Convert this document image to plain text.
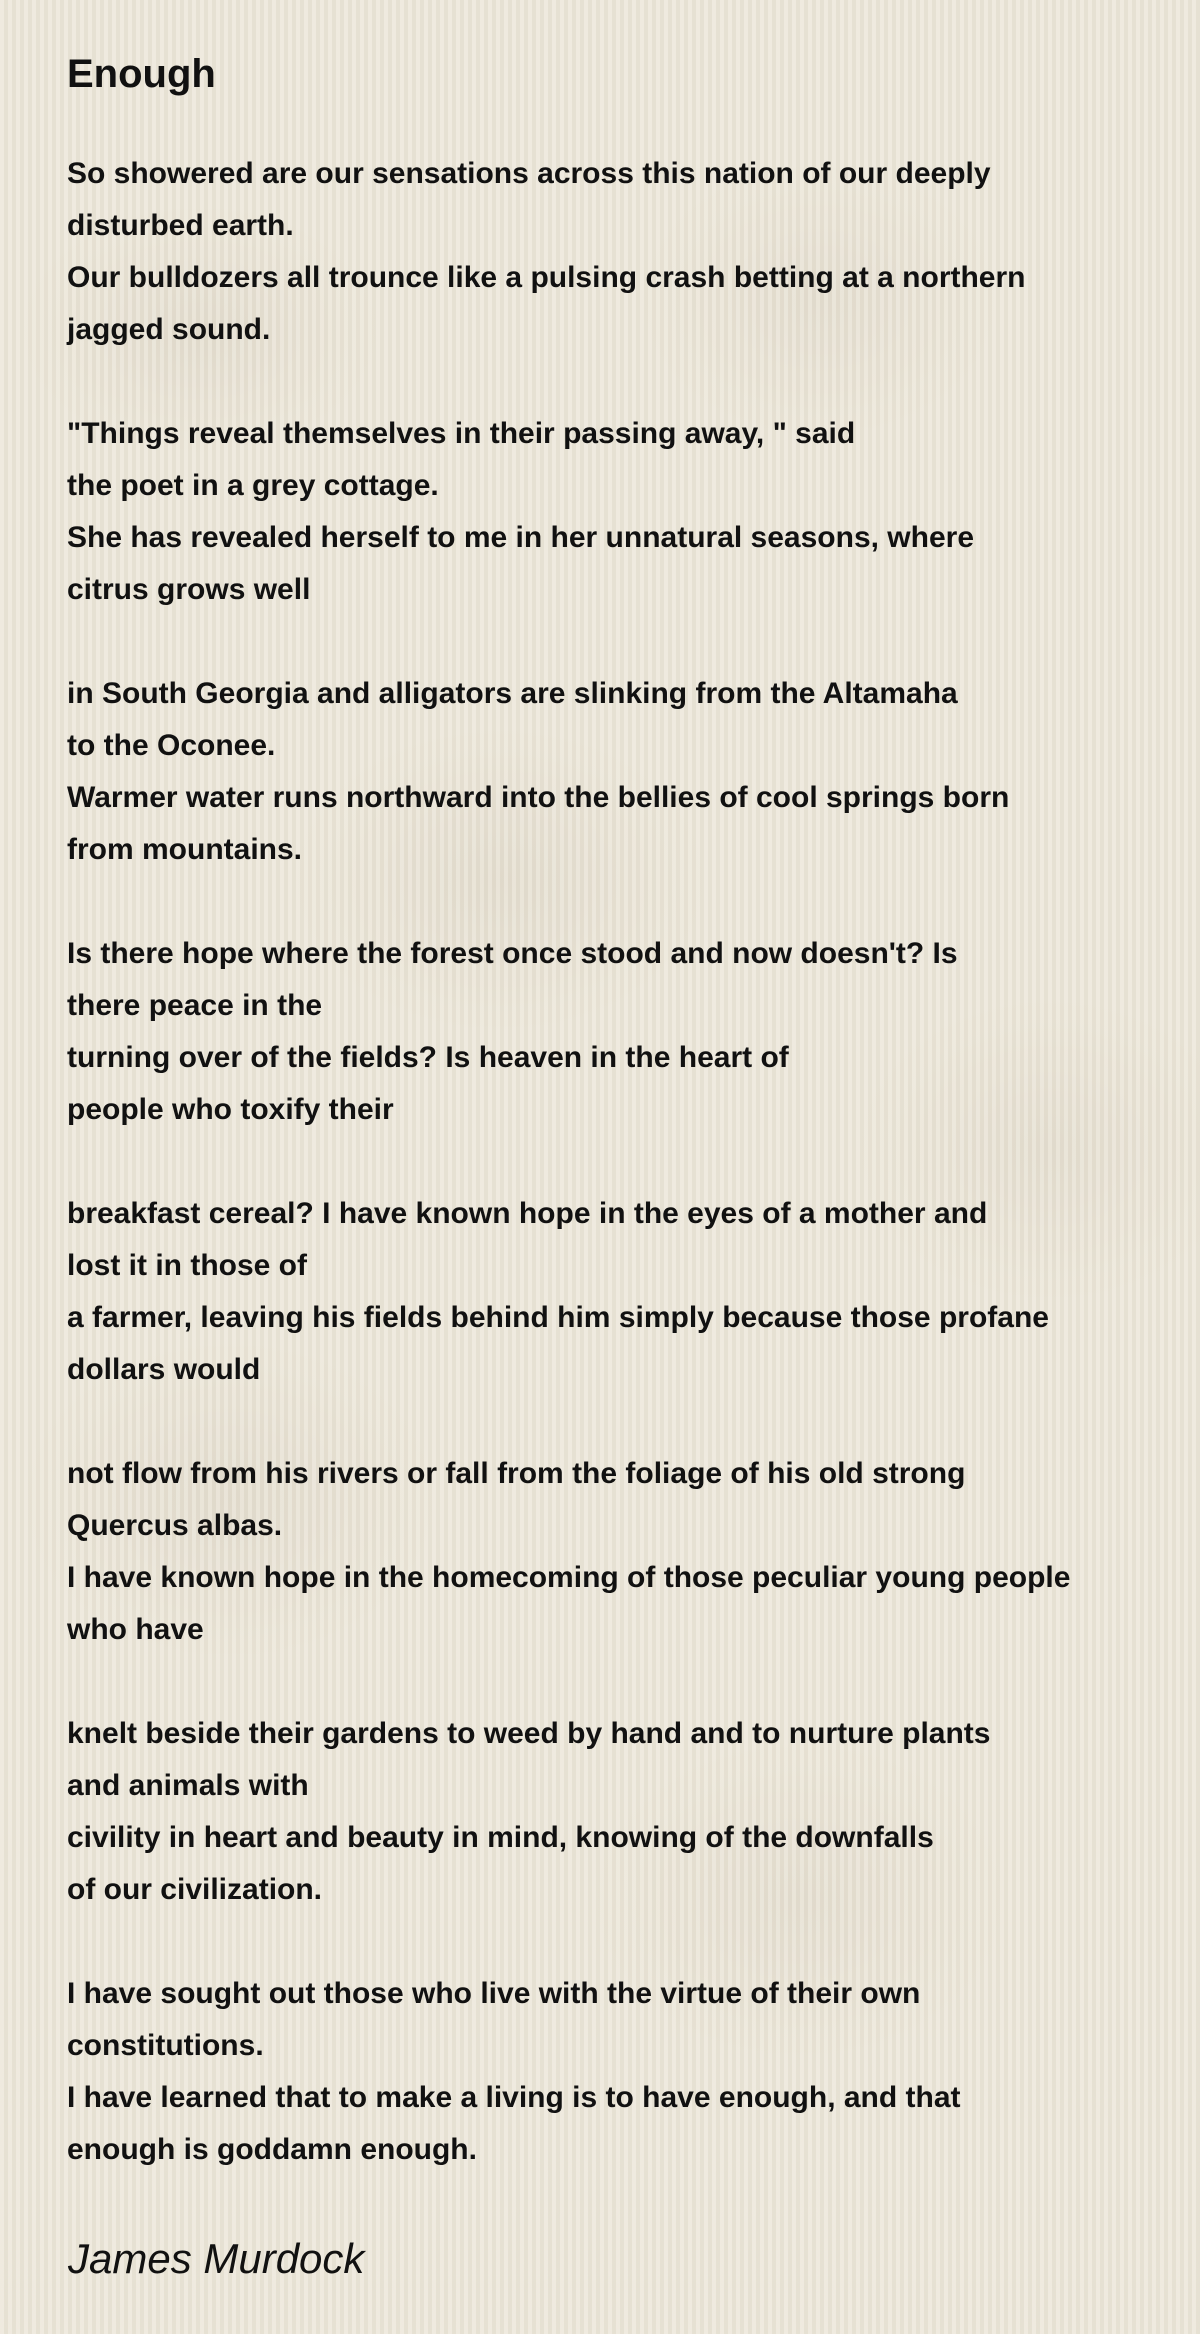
Enough
So showered are our sensations across this nation of our deeply
disturbed earth.
Our bulldozers all trounce like a pulsing crash betting at a northern
jagged sound.
"Things reveal themselves in their passing away, " said
the poet in a grey cottage.
She has revealed herself to me in her unnatural seasons, where
citrus grows well
in South Georgia and alligators are slinking from the Altamaha
to the Oconee.
Warmer water runs northward into the bellies of cool springs born
from mountains.
Is there hope where the forest once stood and now doesn't? Is
there peace in the
turning over of the fields? Is heaven in the heart of
people who toxify their
breakfast cereal? I have known hope in the eyes of a mother and
lost it in those of
a farmer, leaving his fields behind him simply because those profane
dollars would
not flow from his rivers or fall from the foliage of his old strong
Quercus albas.
I have known hope in the homecoming of those peculiar young people
who have
knelt beside their gardens to weed by hand and to nurture plants
and animals with
civility in heart and beauty in mind, knowing of the downfalls
of our civilization.
I have sought out those who live with the virtue of their own
constitutions.
I have learned that to make a living is to have enough, and that
enough is goddamn enough.

James Murdock
